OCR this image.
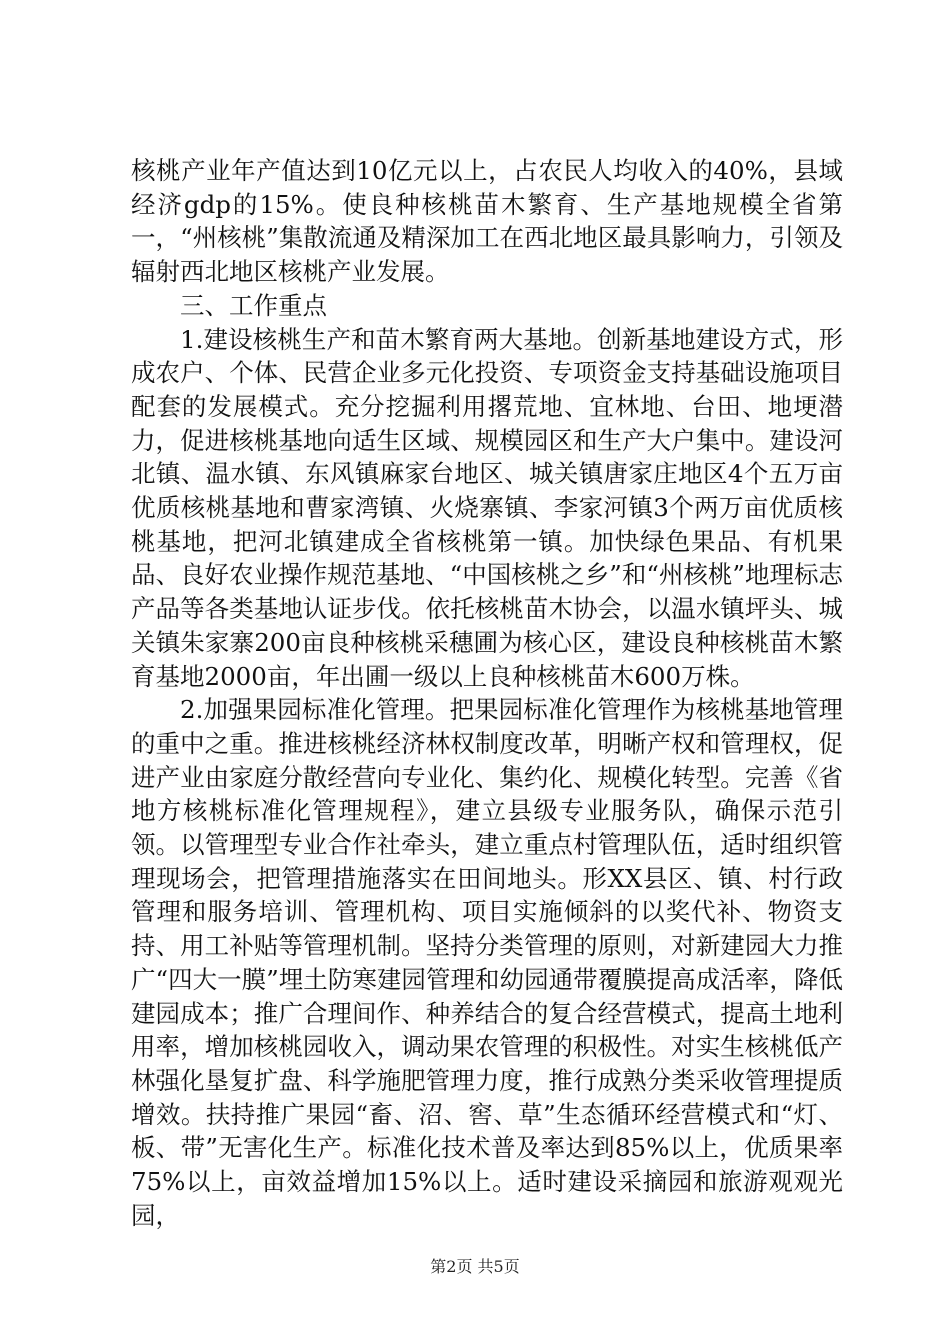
核桃产业年产值达到10亿元以上，占农民人均收入的40%，县域经济gdp的15%。使良种核桃苗木繁育、生产基地规模全省第一，“州核桃”集散流通及精深加工在西北地区最具影响力，引领及辐射西北地区核桃产业发展。

三、工作重点

1.建设核桃生产和苗木繁育两大基地。创新基地建设方式，形成农户、个体、民营企业多元化投资、专项资金支持基础设施项目配套的发展模式。充分挖掘利用撂荒地、宜林地、台田、地埂潜力，促进核桃基地向适生区域、规模园区和生产大户集中。建设河北镇、温水镇、东风镇麻家台地区、城关镇唐家庄地区4个五万亩优质核桃基地和曹家湾镇、火烧寨镇、李家河镇3个两万亩优质核桃基地，把河北镇建成全省核桃第一镇。加快绿色果品、有机果品、良好农业操作规范基地、“中国核桃之乡”和“州核桃”地理标志产品等各类基地认证步伐。依托核桃苗木协会，以温水镇坪头、城关镇朱家寨200亩良种核桃采穗圃为核心区，建设良种核桃苗木繁育基地2000亩，年出圃一级以上良种核桃苗木600万株。

2.加强果园标准化管理。把果园标准化管理作为核桃基地管理的重中之重。推进核桃经济林权制度改革，明晰产权和管理权，促进产业由家庭分散经营向专业化、集约化、规模化转型。完善《省地方核桃标准化管理规程》，建立县级专业服务队，确保示范引领。以管理型专业合作社牵头，建立重点村管理队伍，适时组织管理现场会，把管理措施落实在田间地头。形XX县区、镇、村行政管理和服务培训、管理机构、项目实施倾斜的以奖代补、物资支持、用工补贴等管理机制。坚持分类管理的原则，对新建园大力推广“四大一膜”埋土防寒建园管理和幼园通带覆膜提高成活率，降低建园成本；推广合理间作、种养结合的复合经营模式，提高土地利用率，增加核桃园收入，调动果农管理的积极性。对实生核桃低产林强化垦复扩盘、科学施肥管理力度，推行成熟分类采收管理提质增效。扶持推广果园“畜、沼、窖、草”生态循环经营模式和“灯、板、带”无害化生产。标准化技术普及率达到85%以上，优质果率75%以上，亩效益增加15%以上。适时建设采摘园和旅游观观光园，

第2页 共5页
